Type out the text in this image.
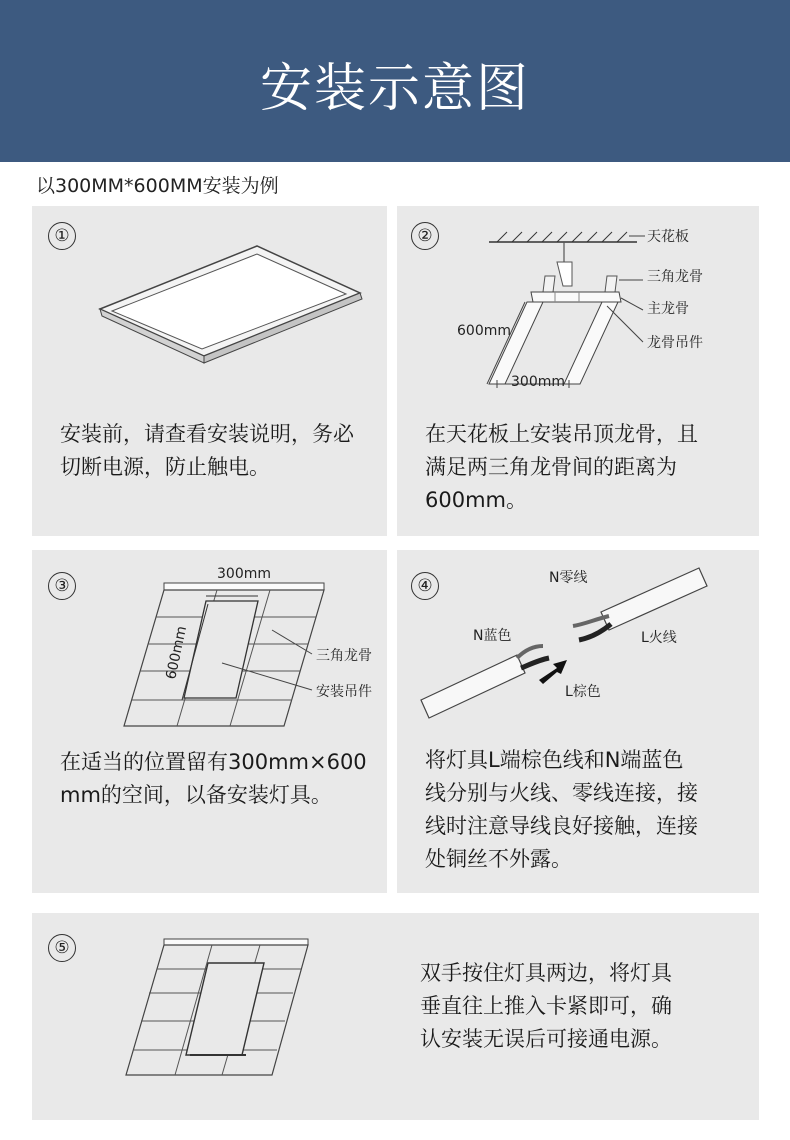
安装示意图
以300MM*600MM安装为例
①
安装前，请查看安装说明，务必
切断电源，防止触电。
②	天花板
三角龙骨
主龙骨
龙骨吊件
600mm
300mm
在天花板上安装吊顶龙骨，且
满足两三角龙骨间的距离为
600mm。
③
300mm
600mm	三角龙骨
安装吊件
在适当的位置留有300mm×600
mm的空间，以备安装灯具。
④	N零线
N蓝色	L火线
L棕色
将灯具L端棕色线和N端蓝色
线分别与火线、零线连接，接
线时注意导线良好接触，连接
处铜丝不外露。
⑤
双手按住灯具两边，将灯具
垂直往上推入卡紧即可，确
认安装无误后可接通电源。
